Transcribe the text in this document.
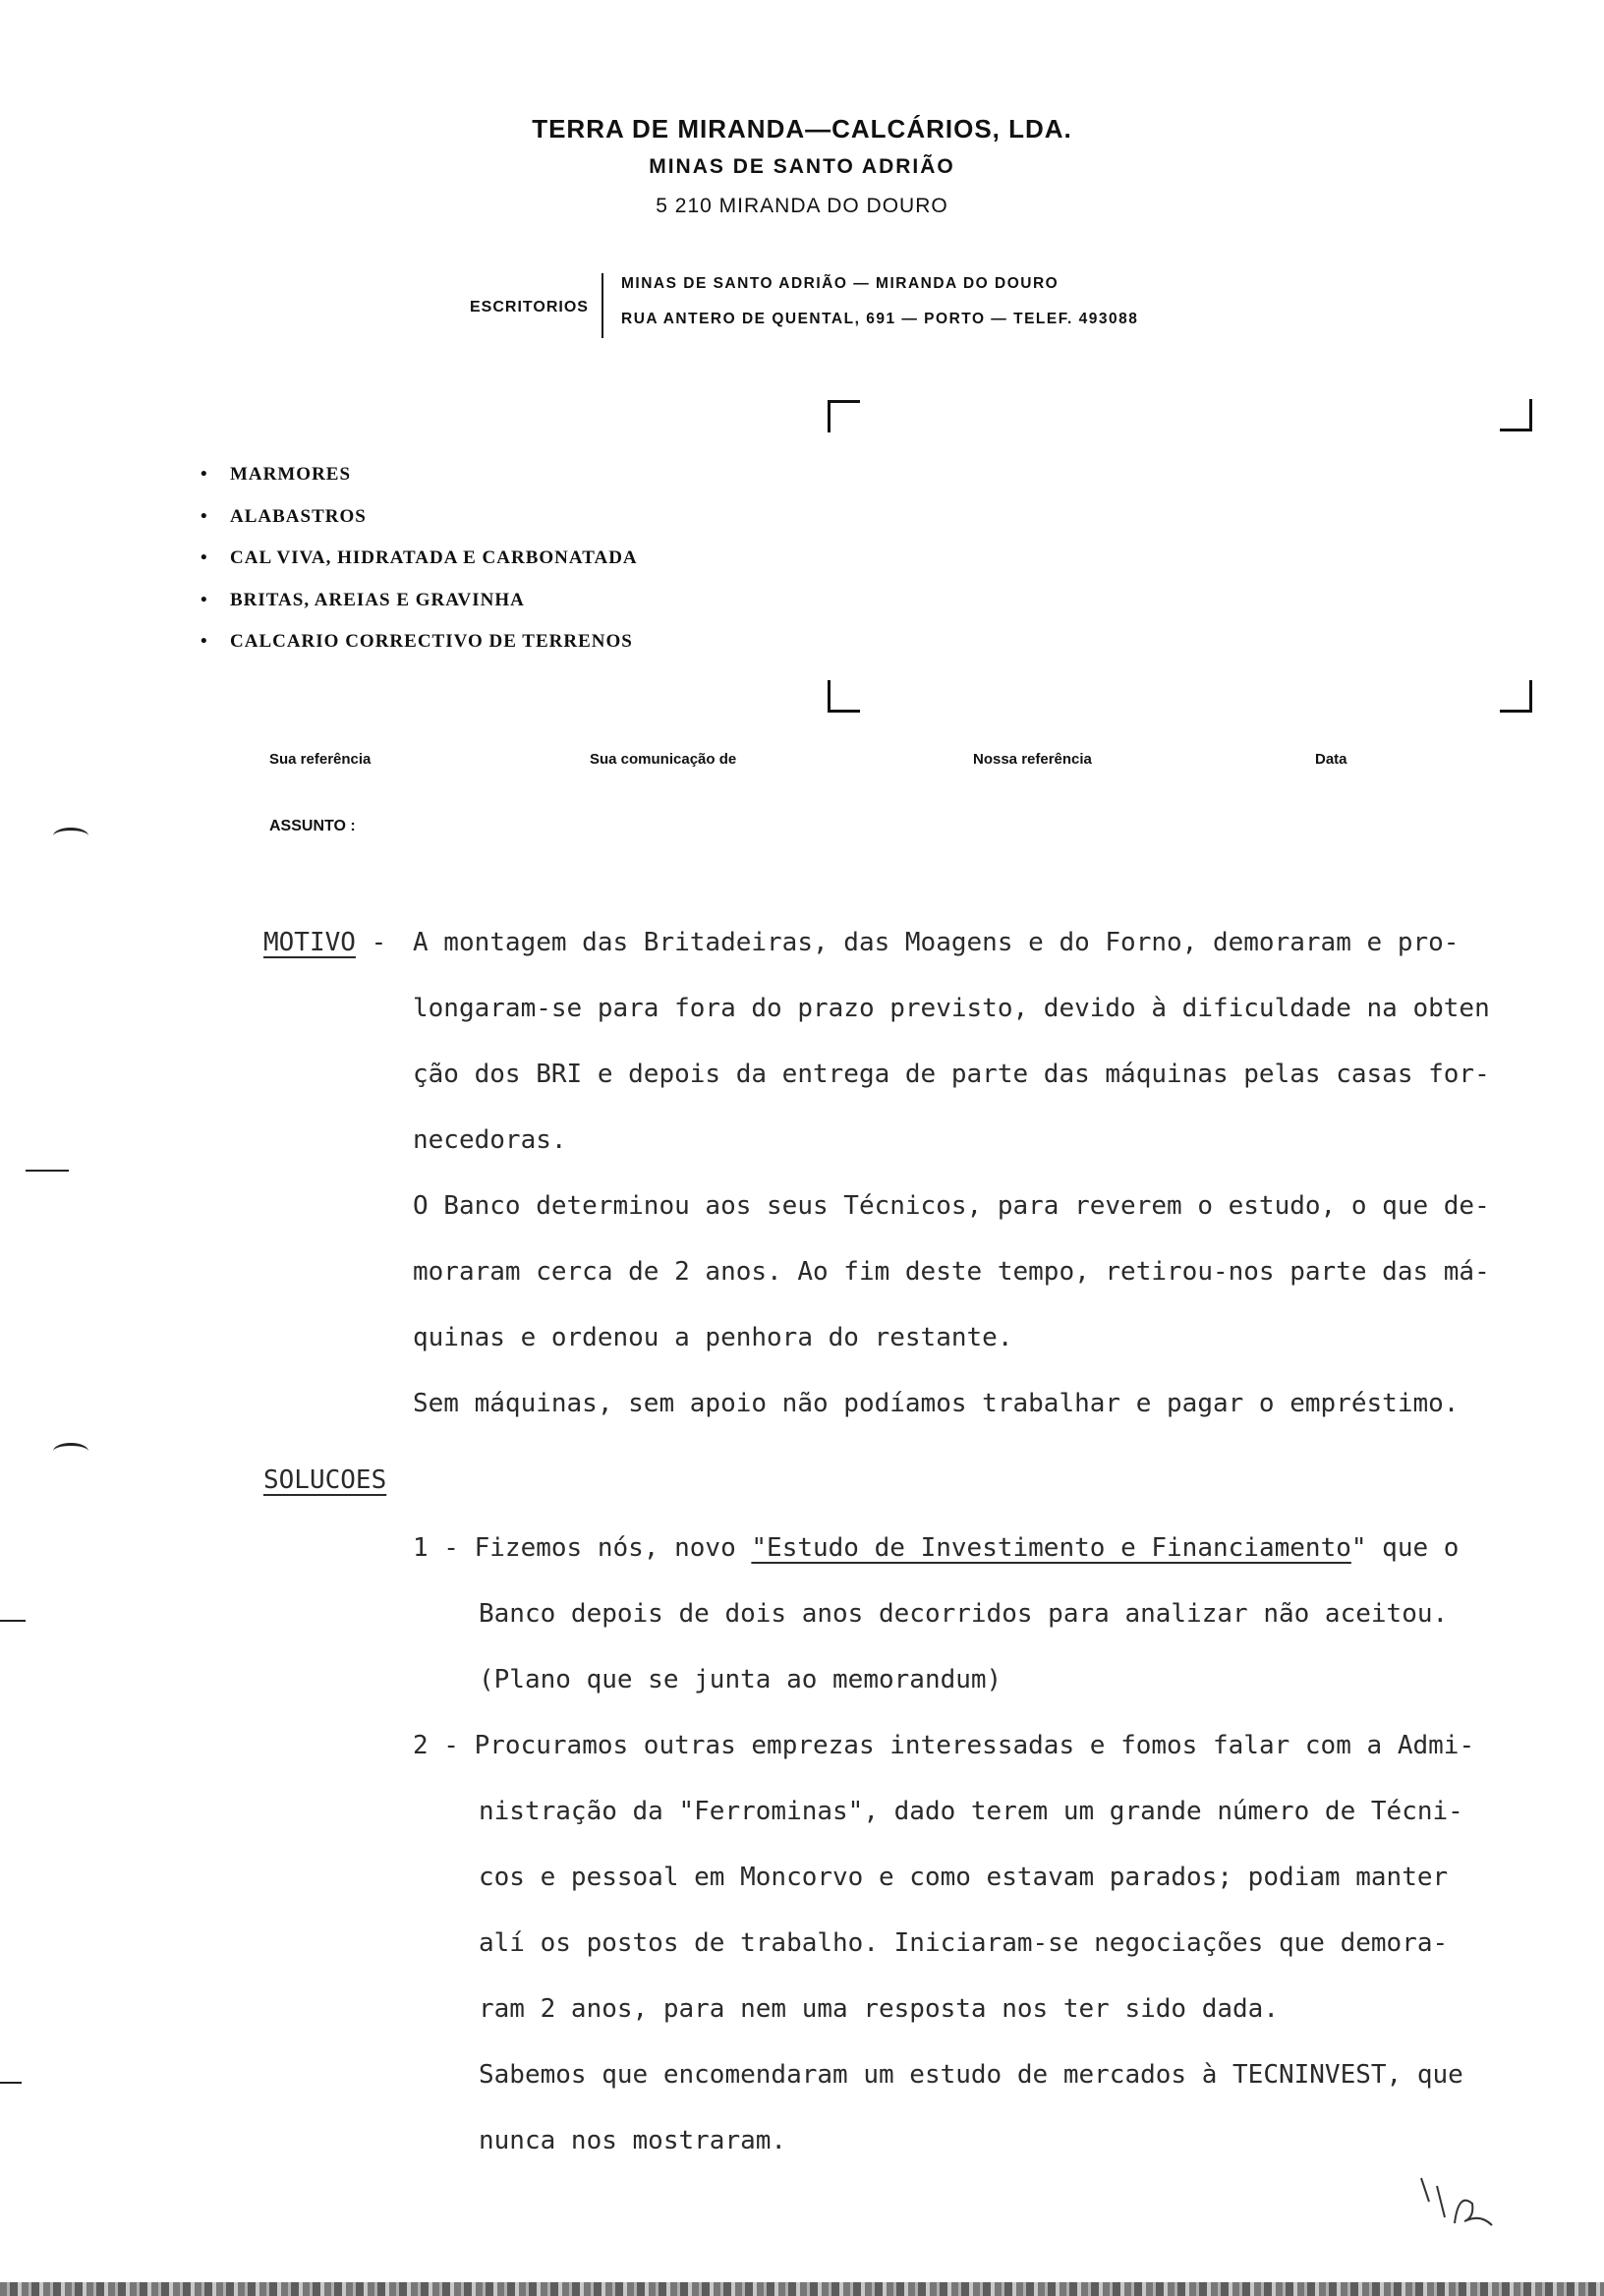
TERRA DE MIRANDA—CALCÁRIOS, LDA.
MINAS DE SANTO ADRIÃO
5 210 MIRANDA DO DOURO
ESCRITORIOS
MINAS DE SANTO ADRIÃO — MIRANDA DO DOURO
RUA ANTERO DE QUENTAL, 691 — PORTO — TELEF. 493088
• MARMORES
• ALABASTROS
• CAL VIVA, HIDRATADA E CARBONATADA
• BRITAS, AREIAS E GRAVINHA
• CALCARIO CORRECTIVO DE TERRENOS
Sua referência	Sua comunicação de	Nossa referência	Data
ASSUNTO :
MOTIVO - A montagem das Britadeiras, das Moagens e do Forno, demoraram e pro-
longaram-se para fora do prazo previsto, devido à dificuldade na obten
ção dos BRI e depois da entrega de parte das máquinas pelas casas for-
necedoras.
O Banco determinou aos seus Técnicos, para reverem o estudo, o que de-
moraram cerca de 2 anos. Ao fim deste tempo, retirou-nos parte das má-
quinas e ordenou a penhora do restante.
Sem máquinas, sem apoio não podíamos trabalhar e pagar o empréstimo.
SOLUCOES
1 - Fizemos nós, novo "Estudo de Investimento e Financiamento" que o
Banco depois de dois anos decorridos para analizar não aceitou.
(Plano que se junta ao memorandum)
2 - Procuramos outras emprezas interessadas e fomos falar com a Admi-
nistração da "Ferrominas", dado terem um grande número de Técni-
cos e pessoal em Moncorvo e como estavam parados; podiam manter
alí os postos de trabalho. Iniciaram-se negociações que demora-
ram 2 anos, para nem uma resposta nos ter sido dada.
Sabemos que encomendaram um estudo de mercados à TECNINVEST, que
nunca nos mostraram.
